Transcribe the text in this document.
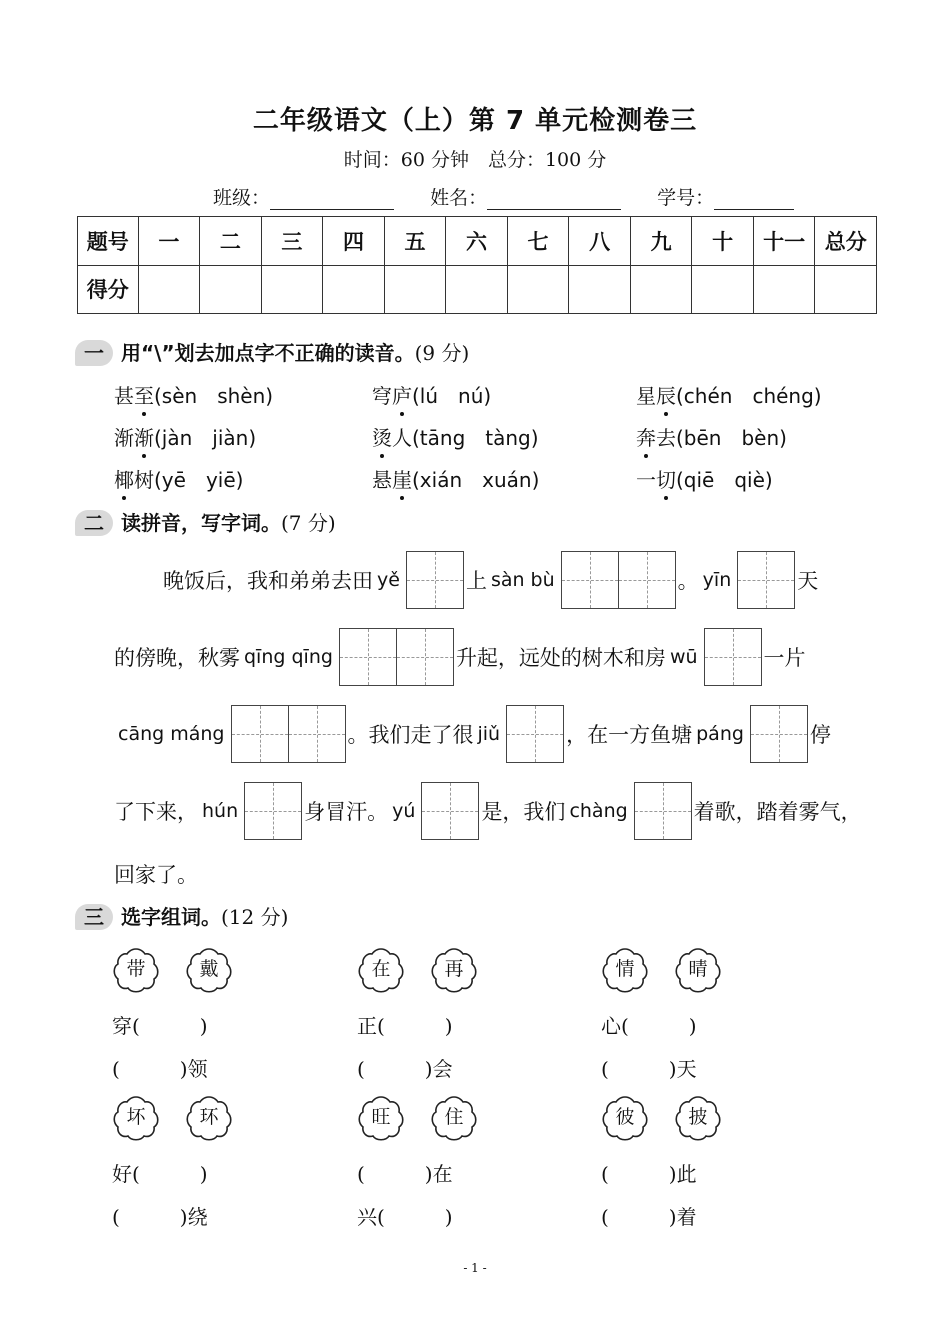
二年级语文（上）第 7 单元检测卷三
时间：60 分钟　总分：100 分
班级：	姓名：	学号：
题号	一	二	三	四	五	六	七	八	九	十	十一	总分
得分												
一 用“\”划去加点字不正确的读音。(9 分)
甚至(sèn　shèn)	穹庐(lú　nú)	星辰(chén　chéng)
渐渐(jàn　jiàn)	烫人(tāng　tàng)	奔去(bēn　bèn)
椰树(yē　yiē)	悬崖(xián　xuán)	一切(qiē　qiè)
二 读拼音，写字词。(7 分)
晚饭后，我和弟弟去田 yě	上 sàn bù	。 yīn	天
的傍晚，秋雾 qīng qīng	升起，远处的树木和房 wū	一片
cāng máng	。我们走了很 jiǔ	，在一方鱼塘 páng	停
了下来， hún	身冒汗。 yú	是，我们 chàng	着歌，踏着雾气，
回家了。
三 选字组词。(12 分)
带	戴
穿(　　　)
(　　　)领
在	再
正(　　　)
(　　　)会
情	晴
心(　　　)
(　　　)天
坏	环
好(　　　)
(　　　)绕
旺	住
(　　　)在
兴(　　　)
彼	披
(　　　)此
(　　　)着
- 1 -
